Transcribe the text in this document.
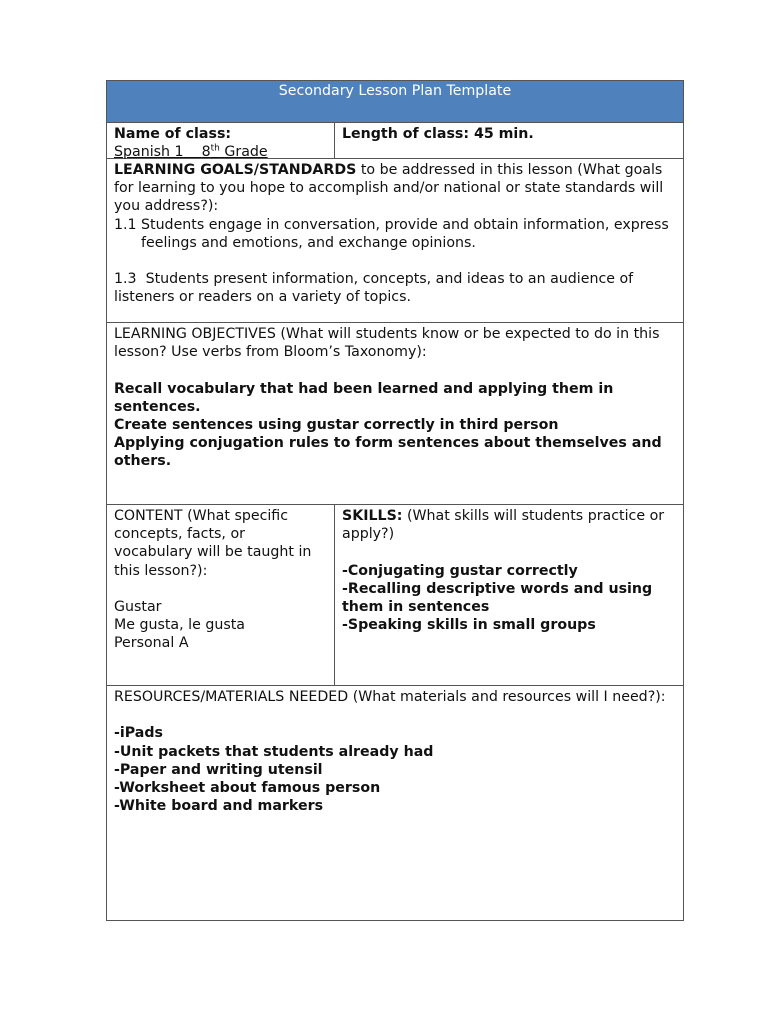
Secondary Lesson Plan Template
Name of class:
Spanish 1 8th Grade
Length of class: 45 min.
LEARNING GOALS/STANDARDS to be addressed in this lesson (What goals for learning to you hope to accomplish and/or national or state standards will you address?):
1.1 Students engage in conversation, provide and obtain information, express feelings and emotions, and exchange opinions.
1.3 Students present information, concepts, and ideas to an audience of listeners or readers on a variety of topics.
LEARNING OBJECTIVES (What will students know or be expected to do in this lesson? Use verbs from Bloom’s Taxonomy):
Recall vocabulary that had been learned and applying them in sentences.
Create sentences using gustar correctly in third person
Applying conjugation rules to form sentences about themselves and others.
CONTENT (What specific concepts, facts, or vocabulary will be taught in this lesson?):
Gustar
Me gusta, le gusta
Personal A
SKILLS: (What skills will students practice or apply?)
-Conjugating gustar correctly
-Recalling descriptive words and using them in sentences
-Speaking skills in small groups
RESOURCES/MATERIALS NEEDED (What materials and resources will I need?):
-iPads
-Unit packets that students already had
-Paper and writing utensil
-Worksheet about famous person
-White board and markers
